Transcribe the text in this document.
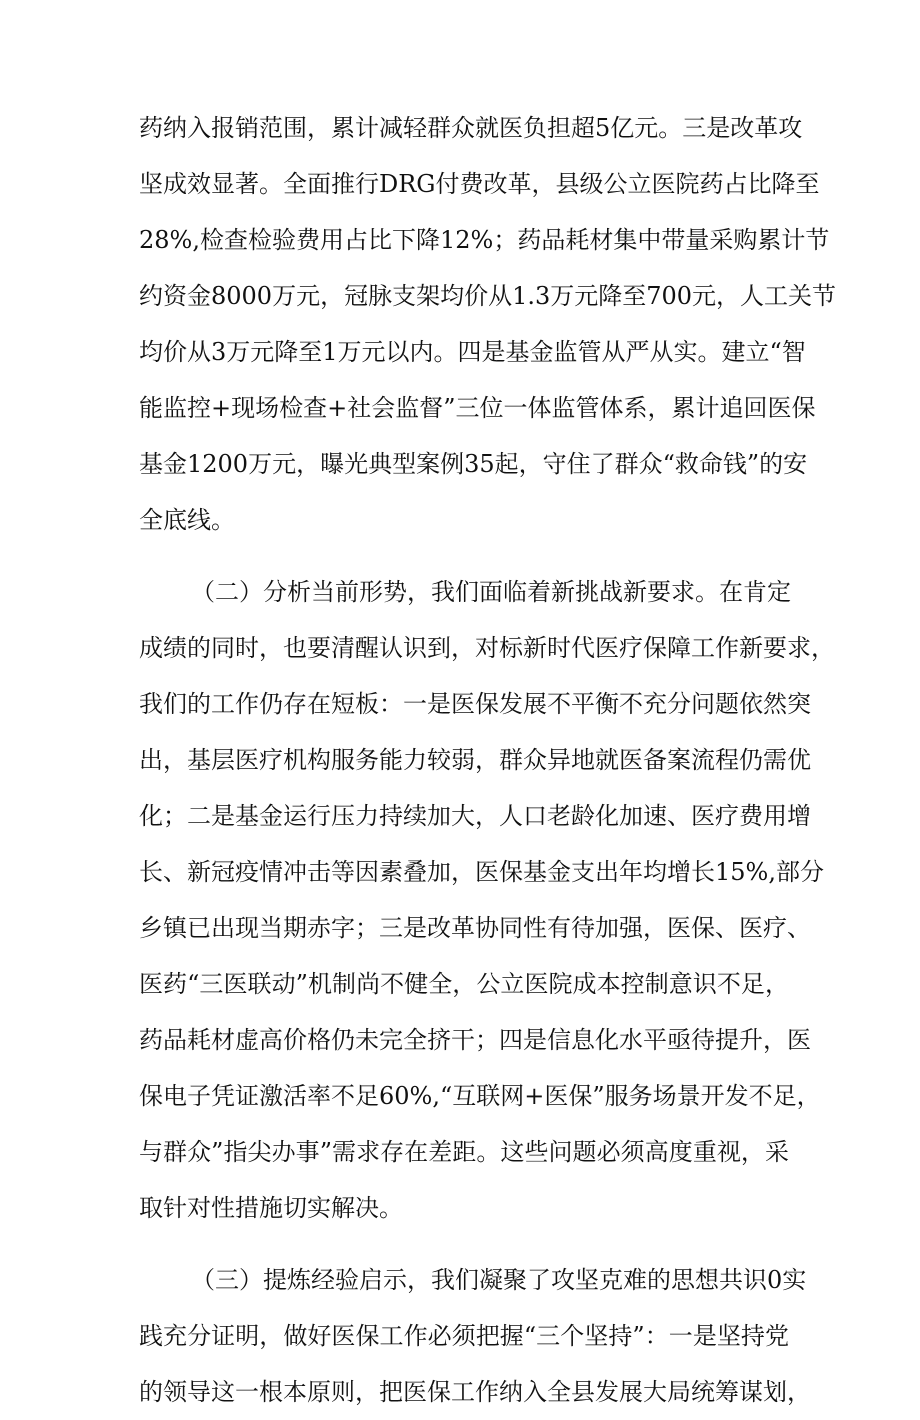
药纳入报销范围，累计减轻群众就医负担超5亿元。三是改革攻
坚成效显著。全面推行DRG付费改革，县级公立医院药占比降至
28%,检查检验费用占比下降12%；药品耗材集中带量采购累计节
约资金8000万元，冠脉支架均价从1.3万元降至700元，人工关节
均价从3万元降至1万元以内。四是基金监管从严从实。建立“智
能监控+现场检查+社会监督”三位一体监管体系，累计追回医保
基金1200万元，曝光典型案例35起，守住了群众“救命钱”的安
全底线。
（二）分析当前形势，我们面临着新挑战新要求。在肯定
成绩的同时，也要清醒认识到，对标新时代医疗保障工作新要求，
我们的工作仍存在短板：一是医保发展不平衡不充分问题依然突
出，基层医疗机构服务能力较弱，群众异地就医备案流程仍需优
化；二是基金运行压力持续加大，人口老龄化加速、医疗费用增
长、新冠疫情冲击等因素叠加，医保基金支出年均增长15%,部分
乡镇已出现当期赤字；三是改革协同性有待加强，医保、医疗、
医药“三医联动”机制尚不健全，公立医院成本控制意识不足，
药品耗材虚高价格仍未完全挤干；四是信息化水平亟待提升，医
保电子凭证激活率不足60%,“互联网+医保”服务场景开发不足，
与群众”指尖办事”需求存在差距。这些问题必须高度重视，采
取针对性措施切实解决。
（三）提炼经验启示，我们凝聚了攻坚克难的思想共识0实
践充分证明，做好医保工作必须把握“三个坚持”：一是坚持党
的领导这一根本原则，把医保工作纳入全县发展大局统筹谋划，
